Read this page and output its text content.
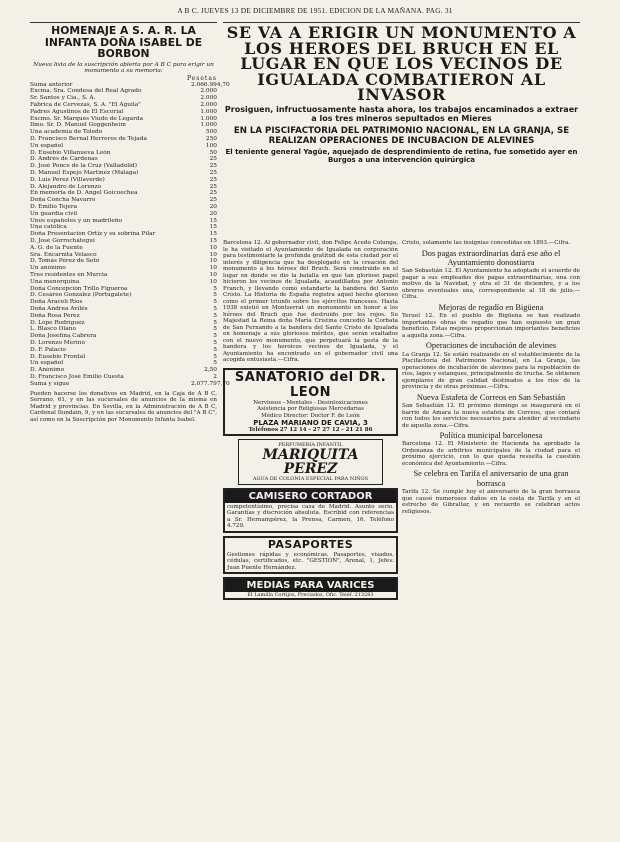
A B C. JUEVES 13 DE DICIEMBRE DE 1951. EDICION DE LA MAÑANA. PAG. 31
HOMENAJE A S. A. R. LA INFANTA DOÑA ISABEL DE BORBON
Nueva lista de la suscripción abierta por A B C para erigir un monumento a su memoria:
Pesetas
Suma anterior	2.066.994,70
Excma. Sra. Condesa del Real Agrado	2.000
Sr. Santos y Cía., S. A.	2.000
Fábrica de Cervezas, S. A. "El Aguila"	2.000
Padres Agustinos de El Escorial	1.000
Excmo. Sr. Marqués Viudo de Legarda	1.000
Ilmo. Sr. D. Manuel Goggenheim	1.000
Una academia de Toledo	500
D. Francisco Bernal Herreros de Tejada	250
Un español	100
D. Eusebio Villanueva León	50
D. Andrés de Cárdenas	25
D. José Ponce de la Cruz (Valladolid)	25
D. Manuel Espejo Martínez (Málaga)	25
D. Luis Pérez (Villaverde)	25
D. Alejandro de Lorenzo	25
En memoria de D. Angel Goicoechea	25
Doña Concha Navarro	25
D. Emilio Tejera	20
Un guardia civil	20
Unos españoles y un madrileño	15
Una católica	15
Doña Presentación Ortiz y su sobrina Pilar	15
D. José Gorrochátegui	15
A. G. de la Fuente	10
Sra. Encarnita Velasco	10
D. Tomás Pérez de Soto	10
Un anónimo	10
Tres residentes en Murcia	10
Una menorquina	10
Doña Concepción Trillo Figueroa	5
D. Cesáreo González (Portugalete)	5
Doña Araceli Ríos	5
Doña Andrea Avilés	5
Doña Rosa Pérez	5
D. Lope Rodríguez	5
L. Blasco Olano	5
Doña Josefina Cabrera	5
D. Lorenzo Merino	5
D. F. Palacio	5
D. Eusebio Frontal	5
Un español	5
D. Anónimo	2,50
D. Francisco José Emilio Cuesta	2
Suma y sigue	2.077.797,70
Pueden hacerse los donativos en Madrid, en la Caja de A B C, Serrano, 61, y en las sucursales de anuncios de la misma en Madrid y provincias. En Sevilla, en la Administración de A B C, Cardenal Ilundain, 9, y en las sucursales de anuncios del "A B C", así como en la Suscripción por Monumento Infanta Isabel.
SE VA A ERIGIR UN MONUMENTO A LOS HEROES DEL BRUCH EN EL LUGAR EN QUE LOS VECINOS DE IGUALADA COMBATIERON AL INVASOR
Prosiguen, infructuosamente hasta ahora, los trabajos encaminados a extraer a los tres mineros sepultados en Mieres
EN LA PISCIFACTORIA DEL PATRIMONIO NACIONAL, EN LA GRANJA, SE REALIZAN OPERACIONES DE INCUBACION DE ALEVINES
El teniente general Yagüe, aquejado de desprendimiento de retina, fue sometido ayer en Burgos a una intervención quirúrgica
Barcelona 12. Al gobernador civil, don Felipe Acedo Colunga, le ha visitado el Ayuntamiento de Igualada en corporación para testimoniarle la profunda gratitud de esta ciudad por el interés y diligencia que ha desplegado en la creación del monumento a los héroes del Bruch. Será construido en el lugar en donde se dio la batalla en que tan glorioso papel hicieron los vecinos de Igualada, acaudillados por Antonio Franch, y llevando como estandarte la bandera del Santo Cristo. La Historia de España registra aquel hecho glorioso como el primer triunfo sobre los ejércitos franceses. Hasta 1938 existió en Montserrat un monumento en honor a los héroes del Bruch que fue destruido por los rojos. Su Majestad la Reina doña María Cristina concedió la Corbata de San Fernando a la bandera del Santo Cristo de Igualada en homenaje a sus gloriosos méritos, que serán exaltados con el nuevo monumento, que perpetuará la gesta de la bandera y los heroicos vecinos de Igualada, y el Ayuntamiento ha encontrado en el gobernador civil una acogida entusiasta.—Cifra.
SANATORIO del DR. LEON
Nerviosos - Mentales - Desintoxicaciones
Asistencia por Religiosas Mercedarias
Médico Director: Doctor F. de León
PLAZA MARIANO DE CAVIA, 3
Teléfonos 27 12 14 - 27 27 12 - 21 21 86
PERFUMERIA INFANTIL
MARIQUITA PEREZ
AGUA DE COLONIA ESPECIAL PARA NIÑOS
CAMISERO CORTADOR
competentísimo, precisa casa de Madrid. Asunto serio. Garantías y discreción absoluta. Escribid con referencias a Sr. Hernampérez, la Prensa, Carmen, 16. Teléfono 4.729.
PASAPORTES
Gestiones rápidas y económicas. Pasaportes, visados, cédulas, certificados, etc. "GESTION", Arenal, 1, Jefes: Juan Puente Hernández.
MEDIAS PARA VARICES
El Lamilla Cortijos, Preciados, Ofic. Teléf. 213283
Cristo, solamente las insignias concedidas en 1893.—Cifra.
Dos pagas extraordinarias dará ese año el Ayuntamiento donostiarra
San Sebastián 12. El Ayuntamiento ha adoptado el acuerdo de pagar a sus empleados dos pagas extraordinarias, una con motivo de la Navidad, y otra el 31 de diciembre, y a los obreros eventuales una, correspondiente al 18 de julio.—Cifra.
Mejoras de regadío en Bigüena
Teruel 12. En el pueblo de Bigüena se han realizado importantes obras de regadío que han supuesto un gran beneficio. Estas mejoras proporcionan importantes beneficios a aquella zona.—Cifra.
Operaciones de incubación de alevines
La Granja 12. Se están realizando en el establecimiento de la Piscifactoría del Patrimonio Nacional, en La Granja, las operaciones de incubación de alevines para la repoblación de ríos, lagos y estanques, principalmente de trucha. Se obtienen ejemplares de gran calidad destinados a los ríos de la provincia y de otras próximas.—Cifra.
Nueva Estafeta de Correos en San Sebastián
San Sebastián 12. El próximo domingo se inaugurará en el barrio de Amara la nueva estafeta de Correos, que contará con todos los servicios necesarios para atender al vecindario de aquella zona.—Cifra.
Política municipal barcelonesa
Barcelona 12. El Ministerio de Hacienda ha aprobado la Ordenanza de arbitrios municipales de la ciudad para el próximo ejercicio, con lo que queda resuelta la cuestión económica del Ayuntamiento.—Cifra.
Se celebra en Tarifa el aniversario de una gran borrasca
Tarifa 12. Se cumple hoy el aniversario de la gran borrasca que causó numerosos daños en la costa de Tarifa y en el estrecho de Gibraltar, y en recuerdo se celebran actos religiosos.
